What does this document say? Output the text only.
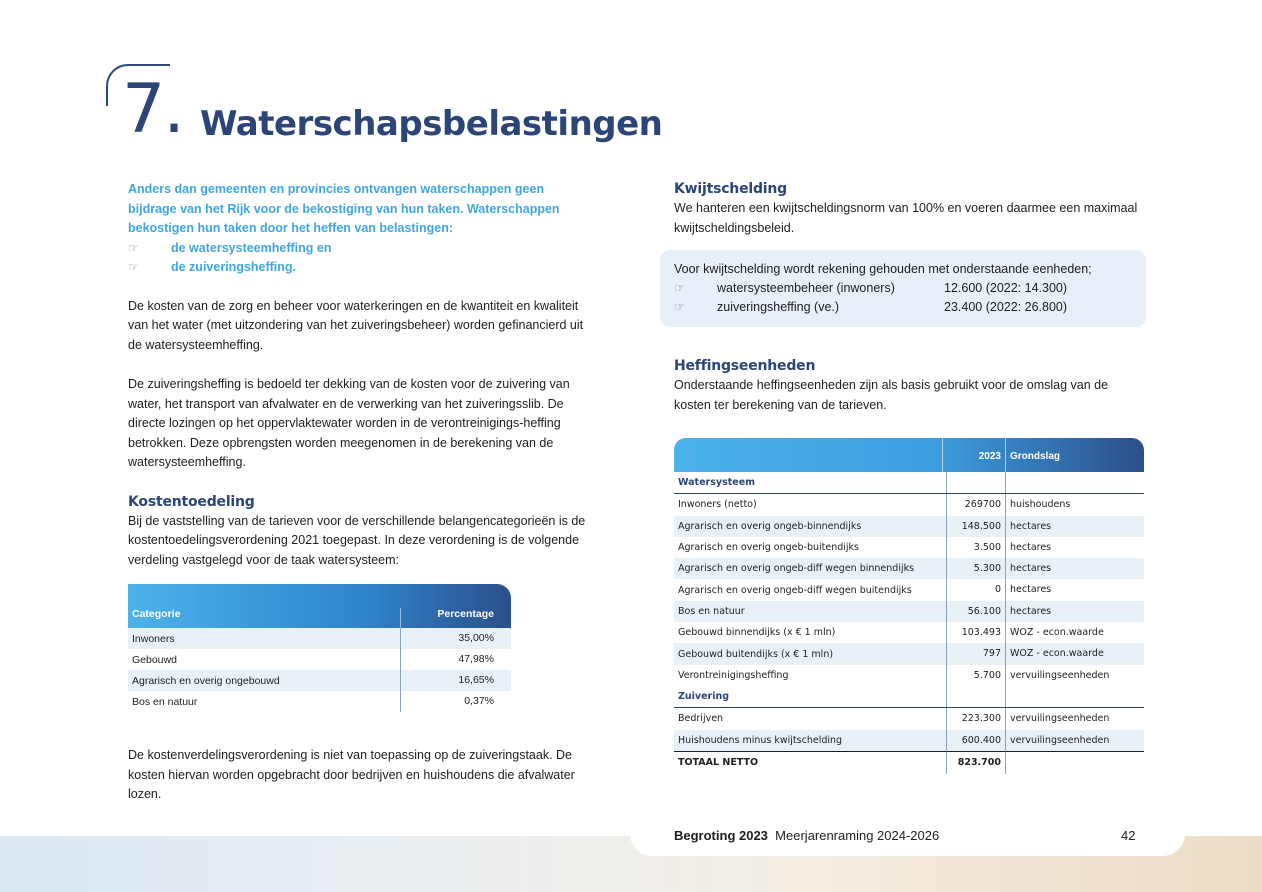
7. Waterschapsbelastingen
Anders dan gemeenten en provincies ontvangen waterschappen geen bijdrage van het Rijk voor de bekostiging van hun taken. Waterschappen bekostigen hun taken door het heffen van belastingen:
☞	de watersysteemheffing en
☞	de zuiveringsheffing.

De kosten van de zorg en beheer voor waterkeringen en de kwantiteit en kwaliteit van het water (met uitzondering van het zuiveringsbeheer) worden gefinancierd uit de watersysteemheffing.

De zuiveringsheffing is bedoeld ter dekking van de kosten voor de zuivering van water, het transport van afvalwater en de verwerking van het zuiveringsslib. De directe lozingen op het oppervlaktewater worden in de verontreinigings-heffing betrokken. Deze opbrengsten worden meegenomen in de berekening van de watersysteemheffing.

Kostentoedeling

Bij de vaststelling van de tarieven voor de verschillende belangencategorieën is de kostentoedelingsverordening 2021 toegepast. In deze verordening is de volgende verdeling vastgelegd voor de taak watersysteem:

Categorie	Percentage
Inwoners	35,00%
Gebouwd	47,98%
Agrarisch en overig ongebouwd	16,65%
Bos en natuur	0,37%

De kostenverdelingsverordening is niet van toepassing op de zuiveringstaak. De kosten hiervan worden opgebracht door bedrijven en huishoudens die afvalwater lozen.

Kwijtschelding

We hanteren een kwijtscheldingsnorm van 100% en voeren daarmee een maximaal kwijtscheldingsbeleid.

Voor kwijtschelding wordt rekening gehouden met onderstaande eenheden;
☞	watersysteembeheer (inwoners)	12.600 (2022: 14.300)
☞	zuiveringsheffing (ve.)	23.400 (2022: 26.800)
Heffingseenheden

Onderstaande heffingseenheden zijn als basis gebruikt voor de omslag van de kosten ter berekening van de tarieven.

2023 Grondslag
Watersysteem
Inwoners (netto)	269700 huishoudens
Agrarisch en overig ongeb-binnendijks	148.500 hectares
Agrarisch en overig ongeb-buitendijks	3.500 hectares
Agrarisch en overig ongeb-diff wegen binnendijks	5.300 hectares
Agrarisch en overig ongeb-diff wegen buitendijks	0 hectares
Bos en natuur	56.100 hectares
Gebouwd binnendijks (x € 1 mln)	103.493 WOZ - econ.waarde
Gebouwd buitendijks (x € 1 mln)	797 WOZ - econ.waarde
Verontreinigingsheffing	5.700 vervuilingseenheden
Zuivering
Bedrijven	223.300 vervuilingseenheden
Huishoudens minus kwijtschelding	600.400 vervuilingseenheden
TOTAAL NETTO	823.700
Begroting 2023 Meerjarenraming 2024-2026	42
